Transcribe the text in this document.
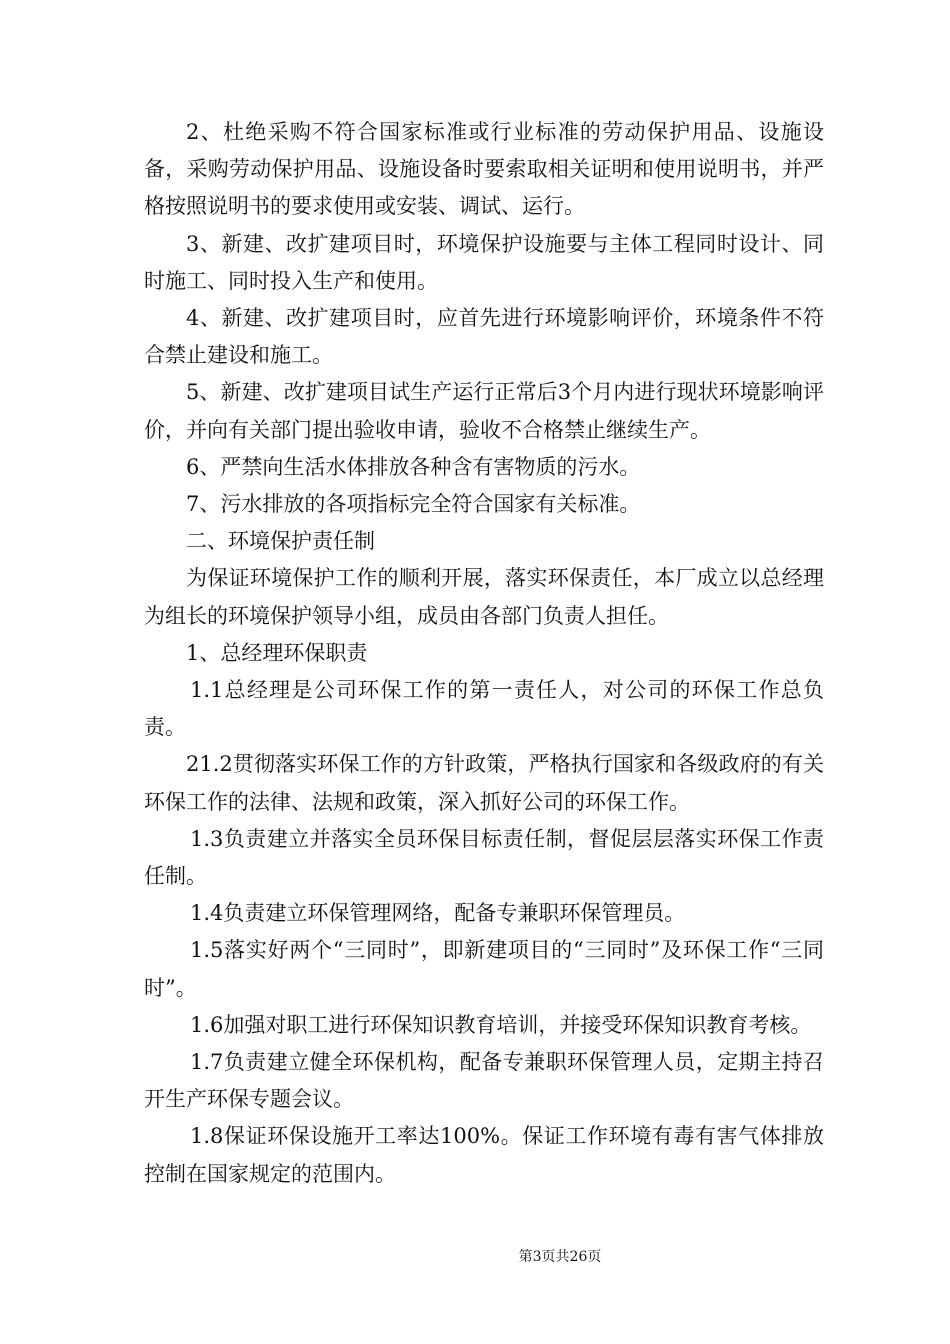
2、杜绝采购不符合国家标准或行业标准的劳动保护用品、设施设备，采购劳动保护用品、设施设备时要索取相关证明和使用说明书，并严格按照说明书的要求使用或安装、调试、运行。

3、新建、改扩建项目时，环境保护设施要与主体工程同时设计、同时施工、同时投入生产和使用。

4、新建、改扩建项目时，应首先进行环境影响评价，环境条件不符合禁止建设和施工。

5、新建、改扩建项目试生产运行正常后3个月内进行现状环境影响评价，并向有关部门提出验收申请，验收不合格禁止继续生产。

6、严禁向生活水体排放各种含有害物质的污水。

7、污水排放的各项指标完全符合国家有关标准。

二、环境保护责任制

为保证环境保护工作的顺利开展，落实环保责任，本厂成立以总经理为组长的环境保护领导小组，成员由各部门负责人担任。

1、总经理环保职责

1.1总经理是公司环保工作的第一责任人，对公司的环保工作总负责。

21.2贯彻落实环保工作的方针政策，严格执行国家和各级政府的有关环保工作的法律、法规和政策，深入抓好公司的环保工作。

1.3负责建立并落实全员环保目标责任制，督促层层落实环保工作责任制。

1.4负责建立环保管理网络，配备专兼职环保管理员。

1.5落实好两个“三同时”，即新建项目的“三同时”及环保工作“三同时”。

1.6加强对职工进行环保知识教育培训，并接受环保知识教育考核。

1.7负责建立健全环保机构，配备专兼职环保管理人员，定期主持召开生产环保专题会议。

1.8保证环保设施开工率达100%。保证工作环境有毒有害气体排放控制在国家规定的范围内。

第3页共26页
